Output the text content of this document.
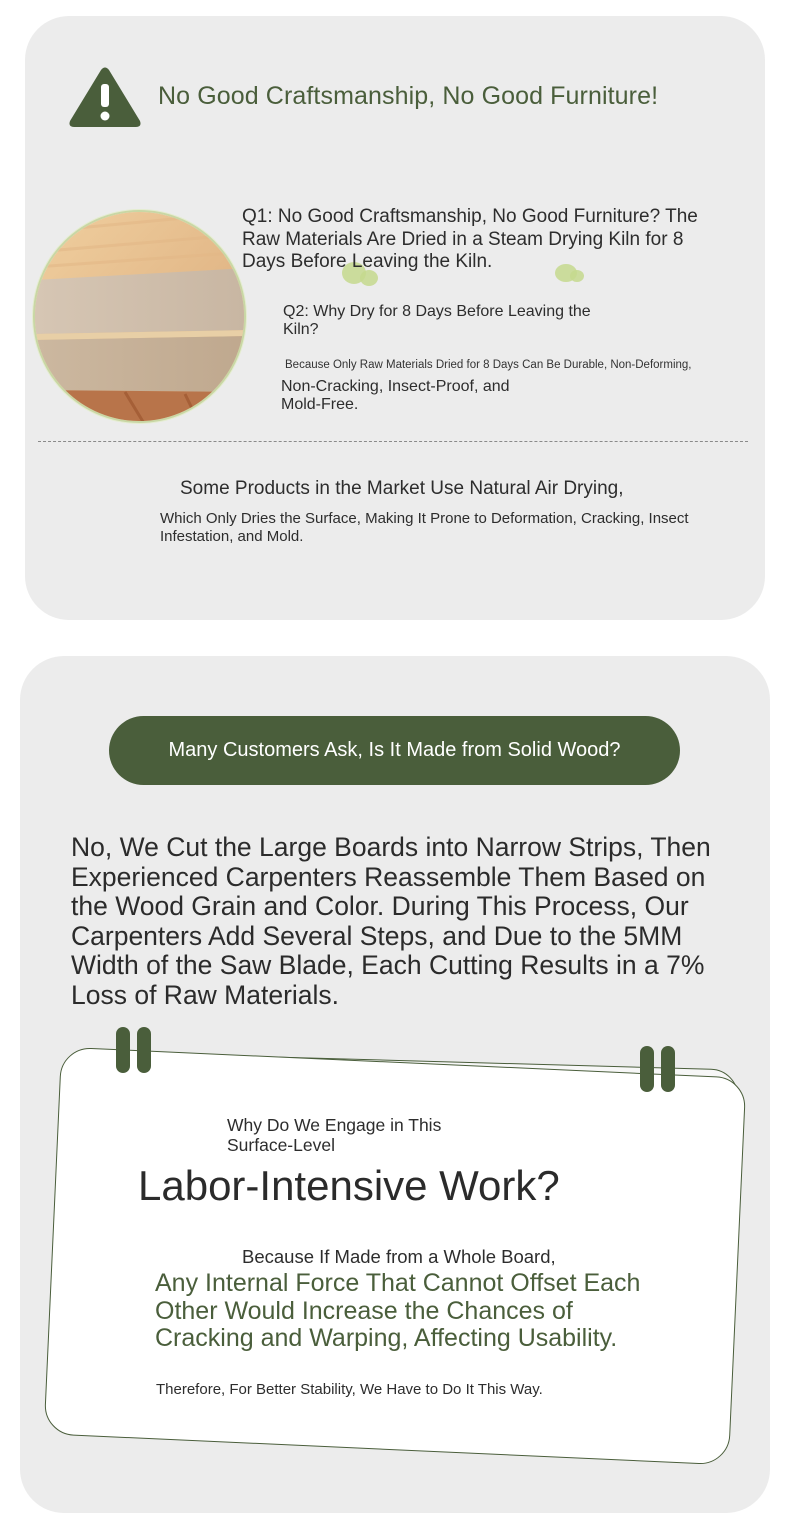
No Good Craftsmanship, No Good Furniture!
Q1: No Good Craftsmanship, No Good Furniture? The Raw Materials Are Dried in a Steam Drying Kiln for 8 Days Before Leaving the Kiln.
Q2: Why Dry for 8 Days Before Leaving the Kiln?
Because Only Raw Materials Dried for 8 Days Can Be Durable, Non-Deforming,
Non-Cracking, Insect-Proof, and Mold-Free.
Some Products in the Market Use Natural Air Drying,
Which Only Dries the Surface, Making It Prone to Deformation, Cracking, Insect Infestation, and Mold.
Many Customers Ask, Is It Made from Solid Wood?
No, We Cut the Large Boards into Narrow Strips, Then Experienced Carpenters Reassemble Them Based on the Wood Grain and Color. During This Process, Our Carpenters Add Several Steps, and Due to the 5MM Width of the Saw Blade, Each Cutting Results in a 7% Loss of Raw Materials.
Why Do We Engage in This Surface-Level
Labor-Intensive Work?
Because If Made from a Whole Board,
Any Internal Force That Cannot Offset Each Other Would Increase the Chances of Cracking and Warping, Affecting Usability.
Therefore, For Better Stability, We Have to Do It This Way.
